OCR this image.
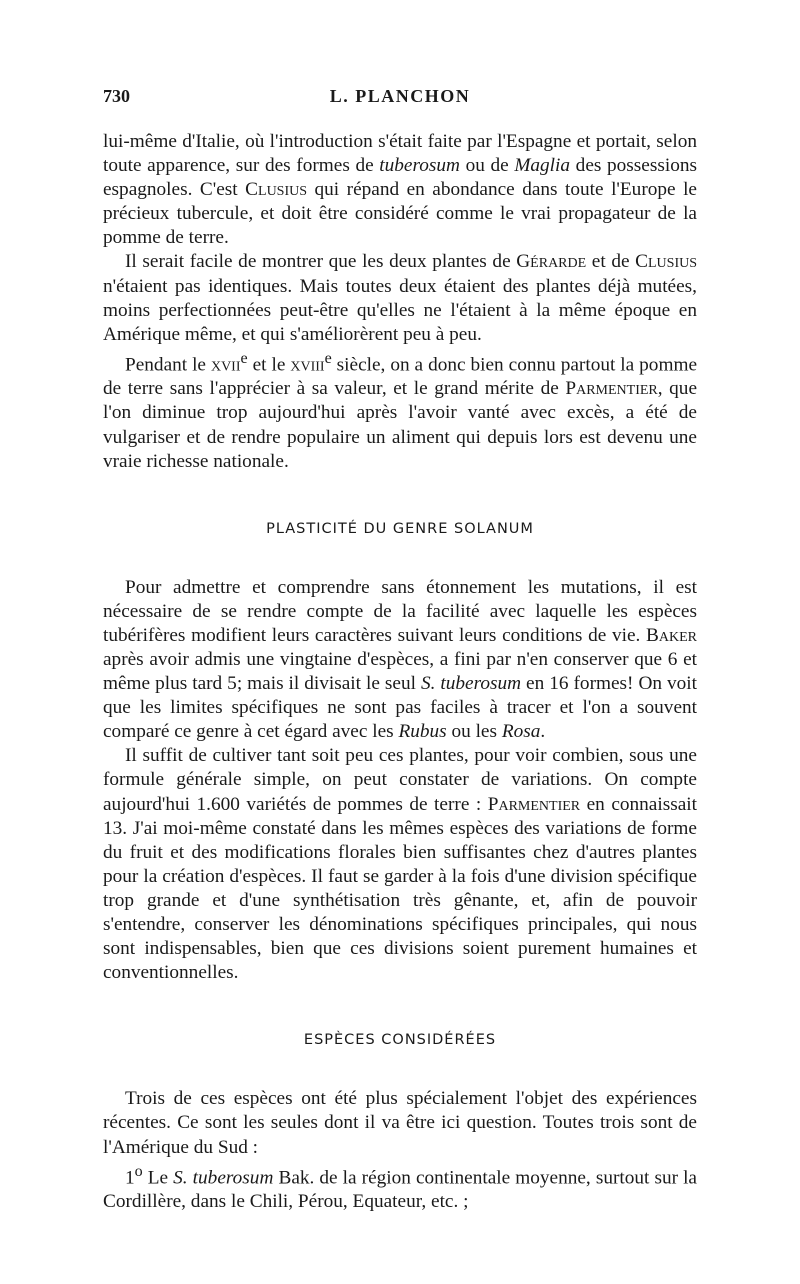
730	L. PLANCHON

lui-même d'Italie, où l'introduction s'était faite par l'Espagne et portait, selon toute apparence, sur des formes de tuberosum ou de Maglia des possessions espagnoles. C'est Clusius qui répand en abondance dans toute l'Europe le précieux tubercule, et doit être considéré comme le vrai propagateur de la pomme de terre.

Il serait facile de montrer que les deux plantes de Gérarde et de Clusius n'étaient pas identiques. Mais toutes deux étaient des plantes déjà mutées, moins perfectionnées peut-être qu'elles ne l'étaient à la même époque en Amérique même, et qui s'améliorèrent peu à peu.

Pendant le xvii$^e$ et le xviii$^e$ siècle, on a donc bien connu partout la pomme de terre sans l'apprécier à sa valeur, et le grand mérite de Parmentier, que l'on diminue trop aujourd'hui après l'avoir vanté avec excès, a été de vulgariser et de rendre populaire un aliment qui depuis lors est devenu une vraie richesse nationale.

PLASTICITÉ DU GENRE SOLANUM

Pour admettre et comprendre sans étonnement les mutations, il est nécessaire de se rendre compte de la facilité avec laquelle les espèces tubérifères modifient leurs caractères suivant leurs conditions de vie. Baker après avoir admis une vingtaine d'espèces, a fini par n'en conserver que 6 et même plus tard 5; mais il divisait le seul S. tuberosum en 16 formes! On voit que les limites spécifiques ne sont pas faciles à tracer et l'on a souvent comparé ce genre à cet égard avec les Rubus ou les Rosa.

Il suffit de cultiver tant soit peu ces plantes, pour voir combien, sous une formule générale simple, on peut constater de variations. On compte aujourd'hui 1.600 variétés de pommes de terre : Parmentier en connaissait 13. J'ai moi-même constaté dans les mêmes espèces des variations de forme du fruit et des modifications florales bien suffisantes chez d'autres plantes pour la création d'espèces. Il faut se garder à la fois d'une division spécifique trop grande et d'une synthétisation très gênante, et, afin de pouvoir s'entendre, conserver les dénominations spécifiques principales, qui nous sont indispensables, bien que ces divisions soient purement humaines et conventionnelles.

ESPÈCES CONSIDÉRÉES

Trois de ces espèces ont été plus spécialement l'objet des expériences récentes. Ce sont les seules dont il va être ici question. Toutes trois sont de l'Amérique du Sud :

1$^o$ Le S. tuberosum Bak. de la région continentale moyenne, surtout sur la Cordillère, dans le Chili, Pérou, Equateur, etc. ;
